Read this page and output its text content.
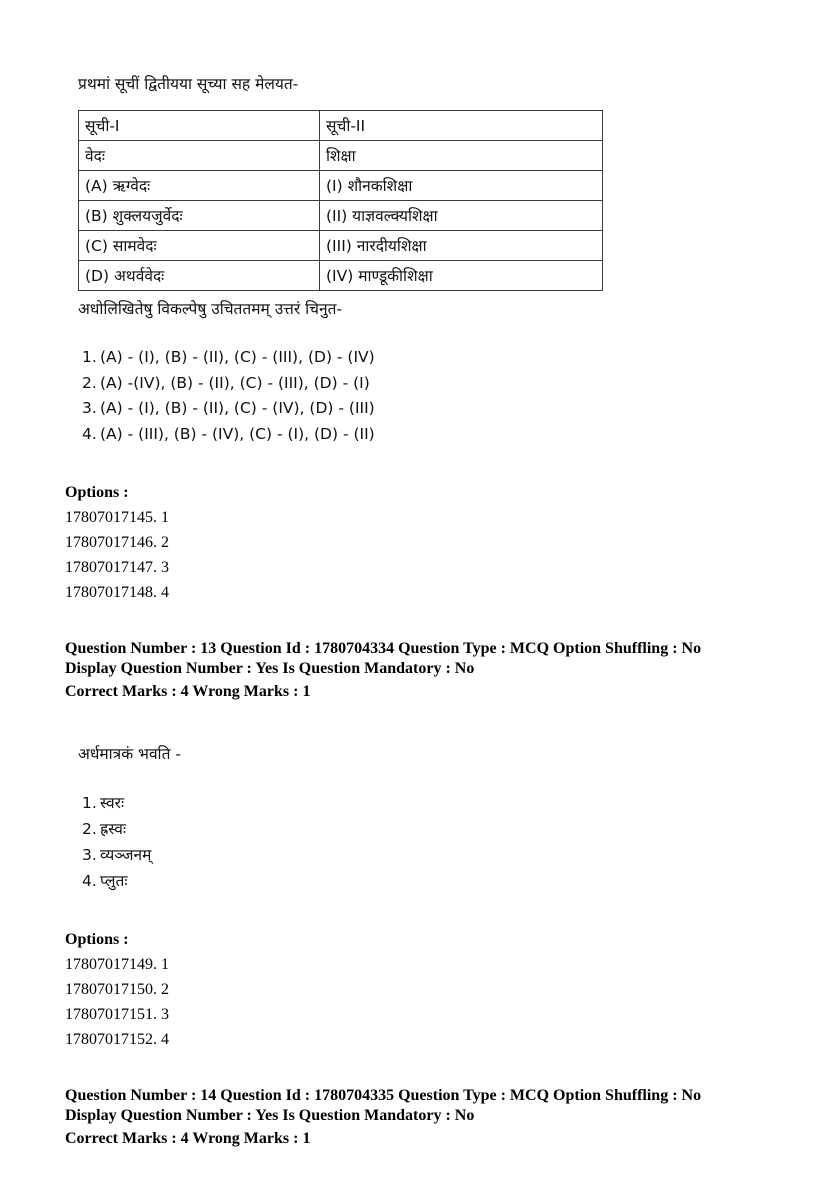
प्रथमां सूचीं द्वितीयया सूच्या सह मेलयत-
सूची-I	सूची-II
वेदः	शिक्षा
(A) ऋग्वेदः	(I) शौनकशिक्षा
(B) शुक्लयजुर्वेदः	(II) याज्ञवल्क्यशिक्षा
(C) सामवेदः	(III) नारदीयशिक्षा
(D) अथर्ववेदः	(IV) माण्डूकीशिक्षा
अधोलिखितेषु विकल्पेषु उचिततमम् उत्तरं चिनुत-
1. (A) - (I), (B) - (II), (C) - (III), (D) - (IV)
2. (A) -(IV), (B) - (II), (C) - (III), (D) - (I)
3. (A) - (I), (B) - (II), (C) - (IV), (D) - (III)
4. (A) - (III), (B) - (IV), (C) - (I), (D) - (II)
Options :
17807017145. 1
17807017146. 2
17807017147. 3
17807017148. 4
Question Number : 13 Question Id : 1780704334 Question Type : MCQ Option Shuffling : No
Display Question Number : Yes Is Question Mandatory : No
Correct Marks : 4 Wrong Marks : 1
अर्धमात्रकं भवति -
1. स्वरः
2. ह्रस्वः
3. व्यञ्जनम्
4. प्लुतः
Options :
17807017149. 1
17807017150. 2
17807017151. 3
17807017152. 4
Question Number : 14 Question Id : 1780704335 Question Type : MCQ Option Shuffling : No
Display Question Number : Yes Is Question Mandatory : No
Correct Marks : 4 Wrong Marks : 1
